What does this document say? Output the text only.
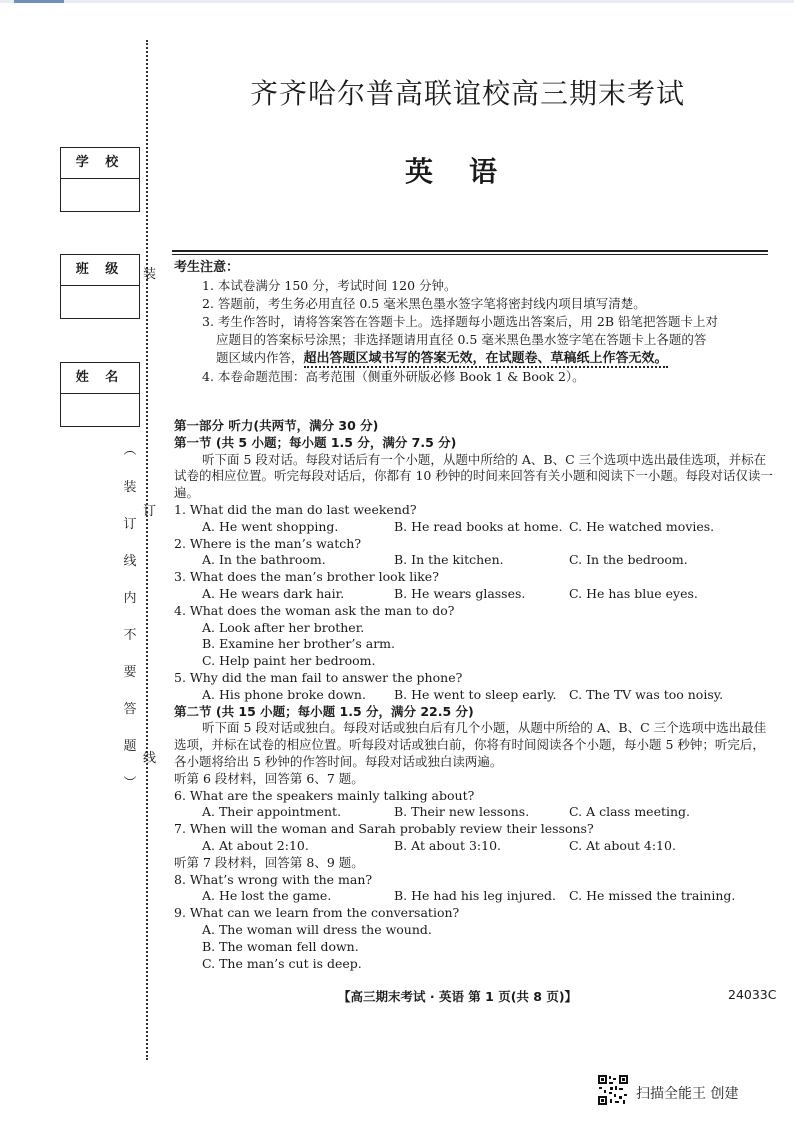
学 校
班 级
姓 名
装
订
线
︵
装
订
线
内
不
要
答
题
︶
齐齐哈尔普高联谊校高三期末考试
英语

考生注意：

1. 本试卷满分 150 分，考试时间 120 分钟。

2. 答题前，考生务必用直径 0.5 毫米黑色墨水签字笔将密封线内项目填写清楚。

3. 考生作答时，请将答案答在答题卡上。选择题每小题选出答案后，用 2B 铅笔把答题卡上对

应题目的答案标号涂黑；非选择题请用直径 0.5 毫米黑色墨水签字笔在答题卡上各题的答

题区域内作答，超出答题区域书写的答案无效，在试题卷、草稿纸上作答无效。

4. 本卷命题范围：高考范围（侧重外研版必修 Book 1 & Book 2）。

第一部分 听力(共两节，满分 30 分)

第一节 (共 5 小题；每小题 1.5 分，满分 7.5 分)

听下面 5 段对话。每段对话后有一个小题，从题中所给的 A、B、C 三个选项中选出最佳选项，并标在试卷的相应位置。听完每段对话后，你都有 10 秒钟的时间来回答有关小题和阅读下一小题。每段对话仅读一遍。

1. What did the man do last weekend?

A. He went shopping.	B. He read books at home. C. He watched movies.

2. Where is the man’s watch?

A. In the bathroom.	B. In the kitchen.	C. In the bedroom.

3. What does the man’s brother look like?

A. He wears dark hair.	B. He wears glasses.	C. He has blue eyes.

4. What does the woman ask the man to do?

A. Look after her brother.

B. Examine her brother’s arm.

C. Help paint her bedroom.

5. Why did the man fail to answer the phone?

A. His phone broke down.	B. He went to sleep early.	C. The TV was too noisy.

第二节 (共 15 小题；每小题 1.5 分，满分 22.5 分)

听下面 5 段对话或独白。每段对话或独白后有几个小题，从题中所给的 A、B、C 三个选项中选出最佳选项，并标在试卷的相应位置。听每段对话或独白前，你将有时间阅读各个小题，每小题 5 秒钟；听完后，各小题将给出 5 秒钟的作答时间。每段对话或独白读两遍。

听第 6 段材料，回答第 6、7 题。

6. What are the speakers mainly talking about?

A. Their appointment.	B. Their new lessons.	C. A class meeting.

7. When will the woman and Sarah probably review their lessons?

A. At about 2:10.	B. At about 3:10.	C. At about 4:10.

听第 7 段材料，回答第 8、9 题。

8. What’s wrong with the man?

A. He lost the game.	B. He had his leg injured.	C. He missed the training.

9. What can we learn from the conversation?

A. The woman will dress the wound.

B. The woman fell down.

C. The man’s cut is deep.

【高三期末考试 · 英语 第 1 页(共 8 页)】	24033C
扫描全能王 创建
